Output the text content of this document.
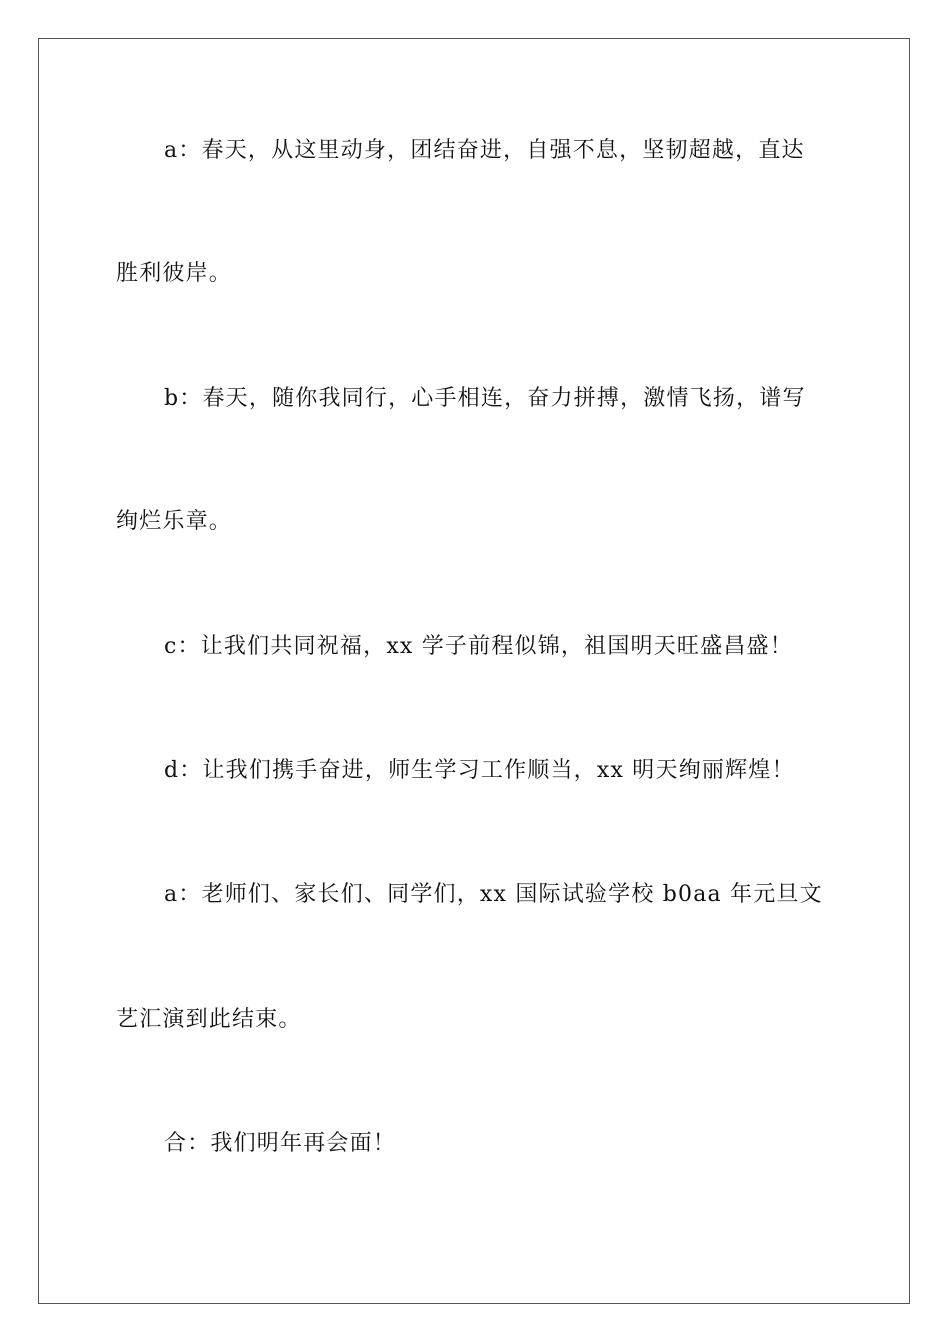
a：春天，从这里动身，团结奋进，自强不息，坚韧超越，直达
胜利彼岸。
b：春天，随你我同行，心手相连，奋力拼搏，激情飞扬，谱写
绚烂乐章。
c：让我们共同祝福，xx 学子前程似锦，祖国明天旺盛昌盛！
d：让我们携手奋进，师生学习工作顺当，xx 明天绚丽辉煌！
a：老师们、家长们、同学们，xx 国际试验学校 b0aa 年元旦文
艺汇演到此结束。
合：我们明年再会面！
